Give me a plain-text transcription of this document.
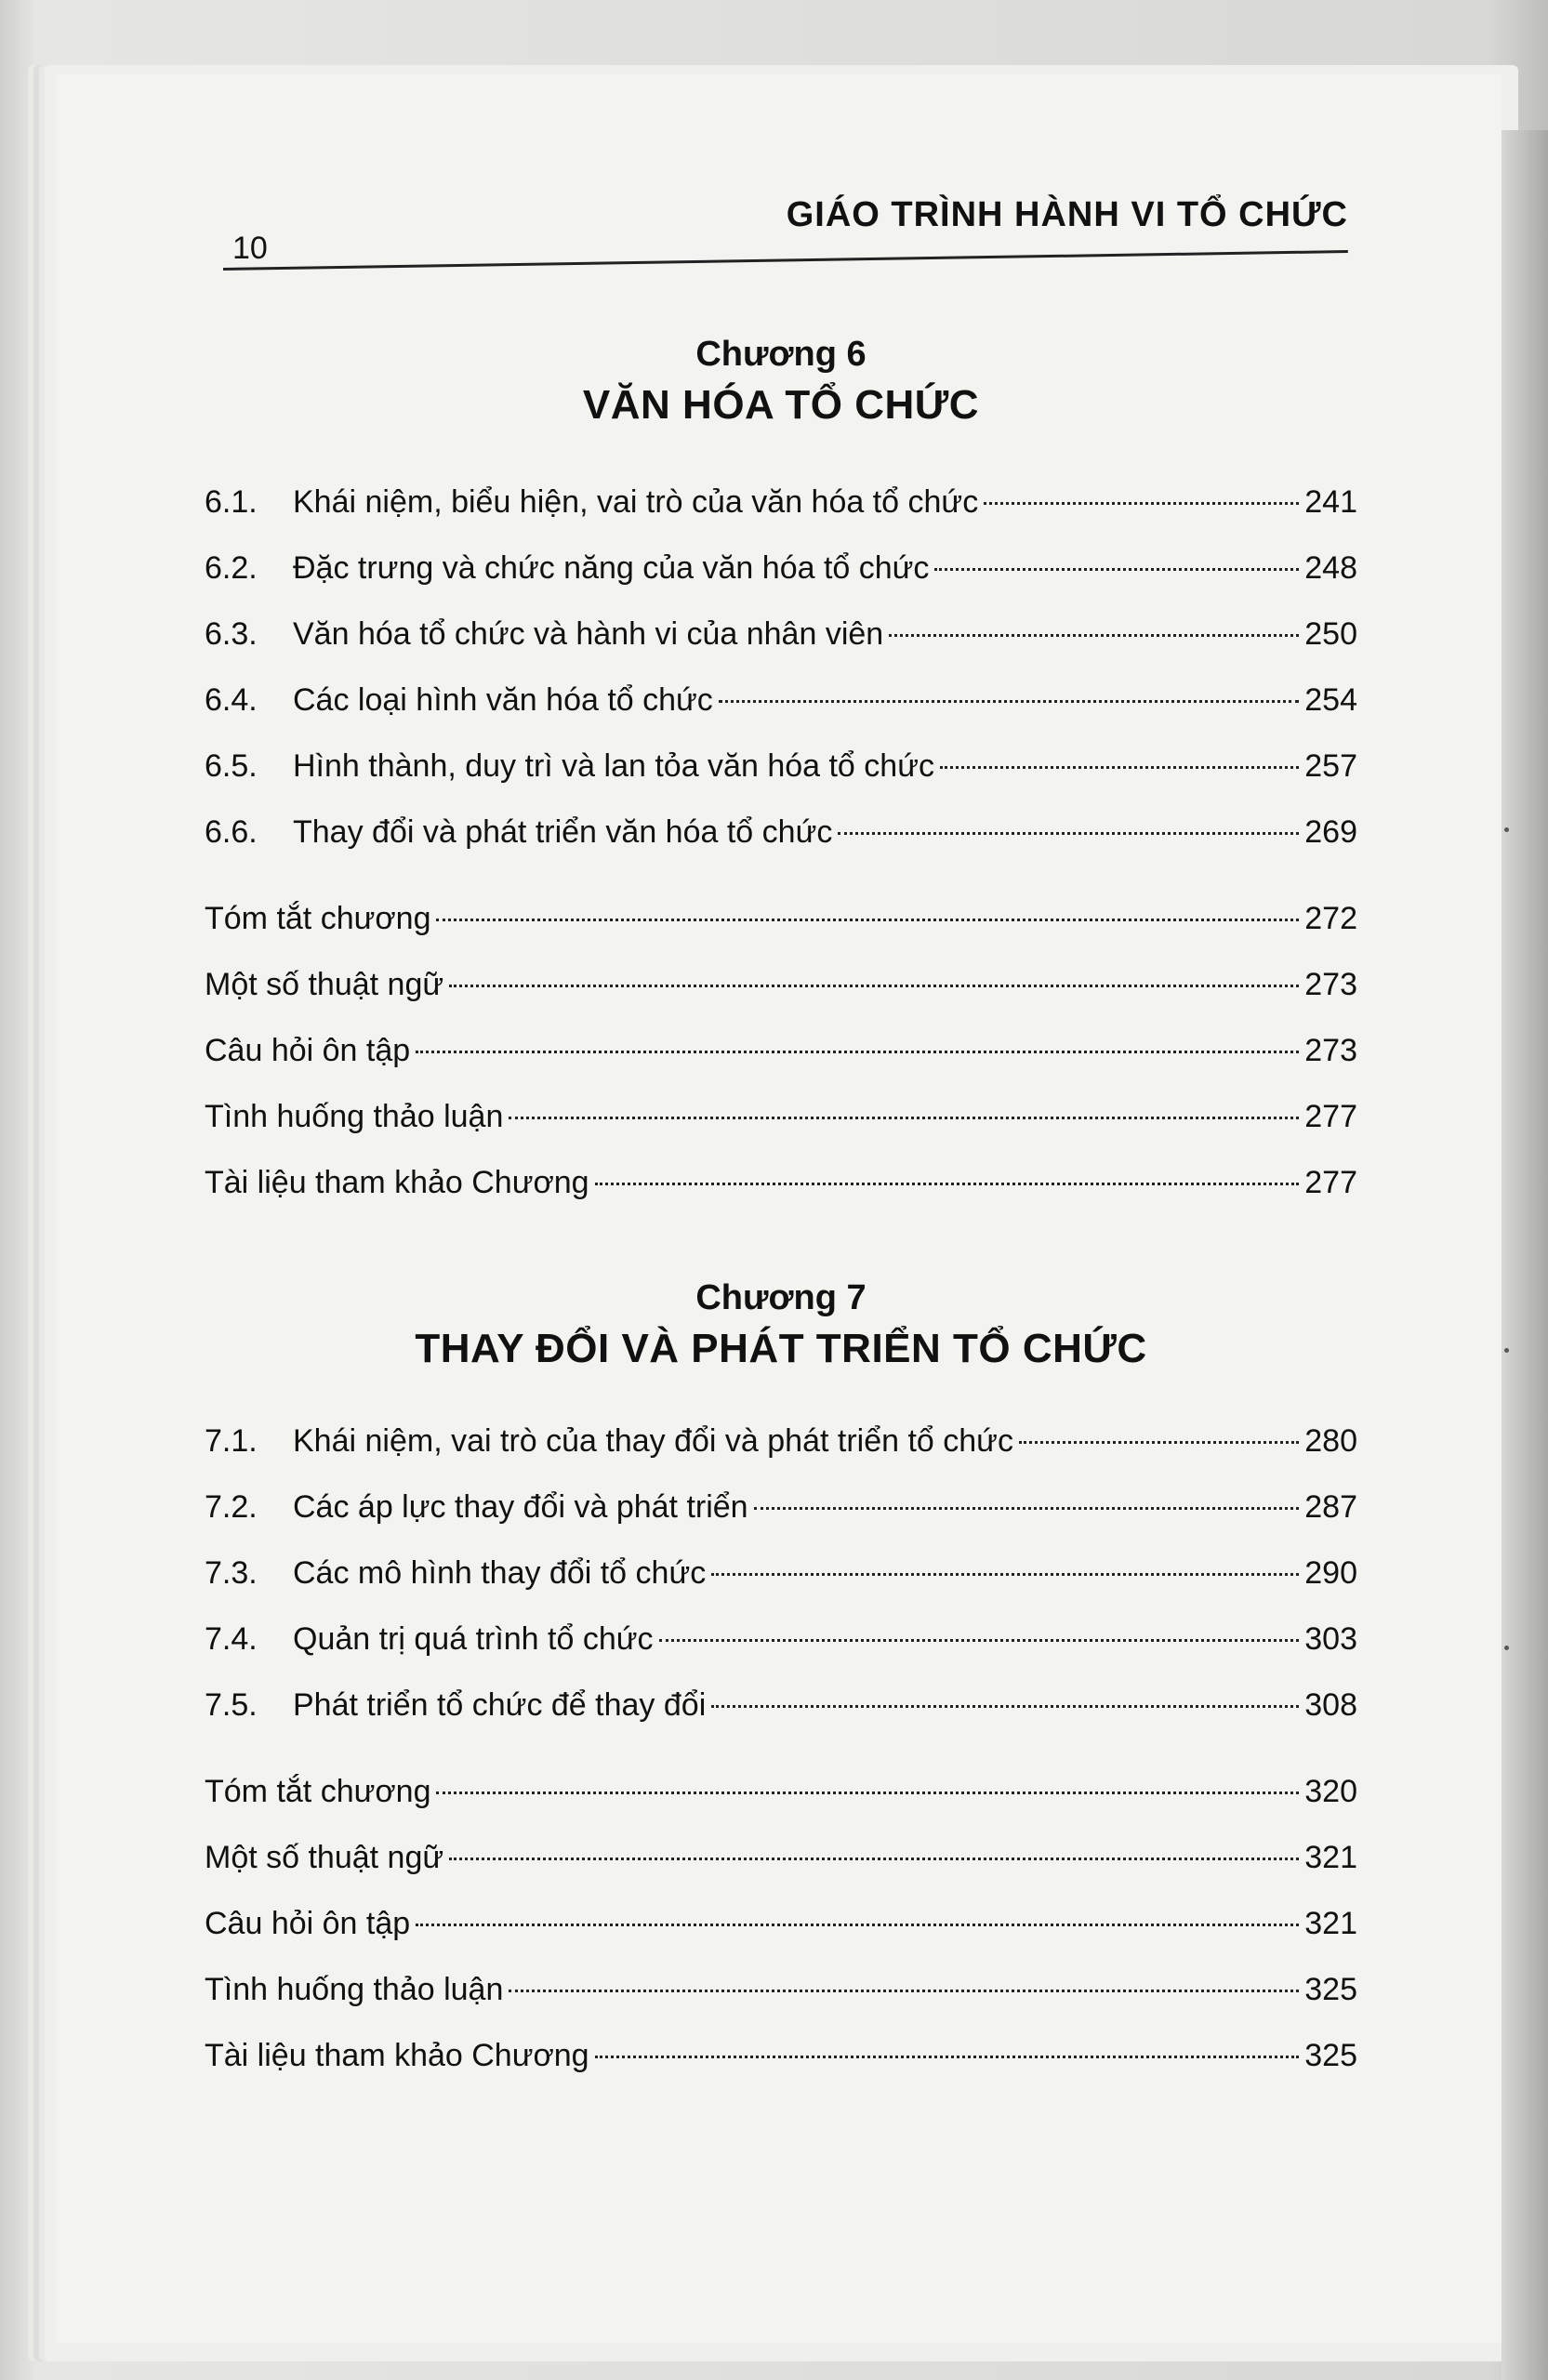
10
GIÁO TRÌNH HÀNH VI TỔ CHỨC
Chương 6
VĂN HÓA TỔ CHỨC
6.1.	Khái niệm, biểu hiện, vai trò của văn hóa tổ chức	241
6.2.	Đặc trưng và chức năng của văn hóa tổ chức	248
6.3.	Văn hóa tổ chức và hành vi của nhân viên	250
6.4.	Các loại hình văn hóa tổ chức	254
6.5.	Hình thành, duy trì và lan tỏa văn hóa tổ chức	257
6.6.	Thay đổi và phát triển văn hóa tổ chức	269
Tóm tắt chương	272
Một số thuật ngữ	273
Câu hỏi ôn tập	273
Tình huống thảo luận	277
Tài liệu tham khảo Chương	277
Chương 7
THAY ĐỔI VÀ PHÁT TRIỂN TỔ CHỨC
7.1.	Khái niệm, vai trò của thay đổi và phát triển tổ chức	280
7.2.	Các áp lực thay đổi và phát triển	287
7.3.	Các mô hình thay đổi tổ chức	290
7.4.	Quản trị quá trình tổ chức	303
7.5.	Phát triển tổ chức để thay đổi	308
Tóm tắt chương	320
Một số thuật ngữ	321
Câu hỏi ôn tập	321
Tình huống thảo luận	325
Tài liệu tham khảo Chương	325
